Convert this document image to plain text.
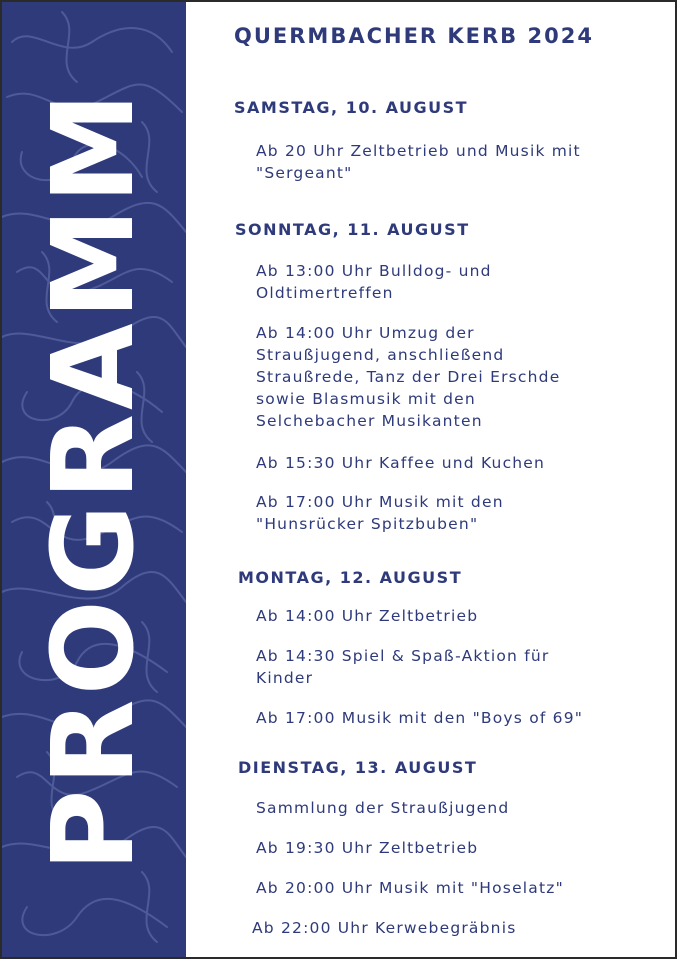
PROGRAMM
QUERMBACHER KERB 2024
SAMSTAG, 10. AUGUST
Ab 20 Uhr Zeltbetrieb und Musik mit "Sergeant"
SONNTAG, 11. AUGUST
Ab 13:00 Uhr Bulldog- und Oldtimertreffen
Ab 14:00 Uhr Umzug der Straußjugend, anschließend Straußrede, Tanz der Drei Erschde sowie Blasmusik mit den Selchebacher Musikanten
Ab 15:30 Uhr Kaffee und Kuchen
Ab 17:00 Uhr Musik mit den "Hunsrücker Spitzbuben"
MONTAG, 12. AUGUST
Ab 14:00 Uhr Zeltbetrieb
Ab 14:30 Spiel & Spaß-Aktion für Kinder
Ab 17:00 Musik mit den "Boys of 69"
DIENSTAG, 13. AUGUST
Sammlung der Straußjugend
Ab 19:30 Uhr Zeltbetrieb
Ab 20:00 Uhr Musik mit "Hoselatz"
Ab 22:00 Uhr Kerwebegräbnis
